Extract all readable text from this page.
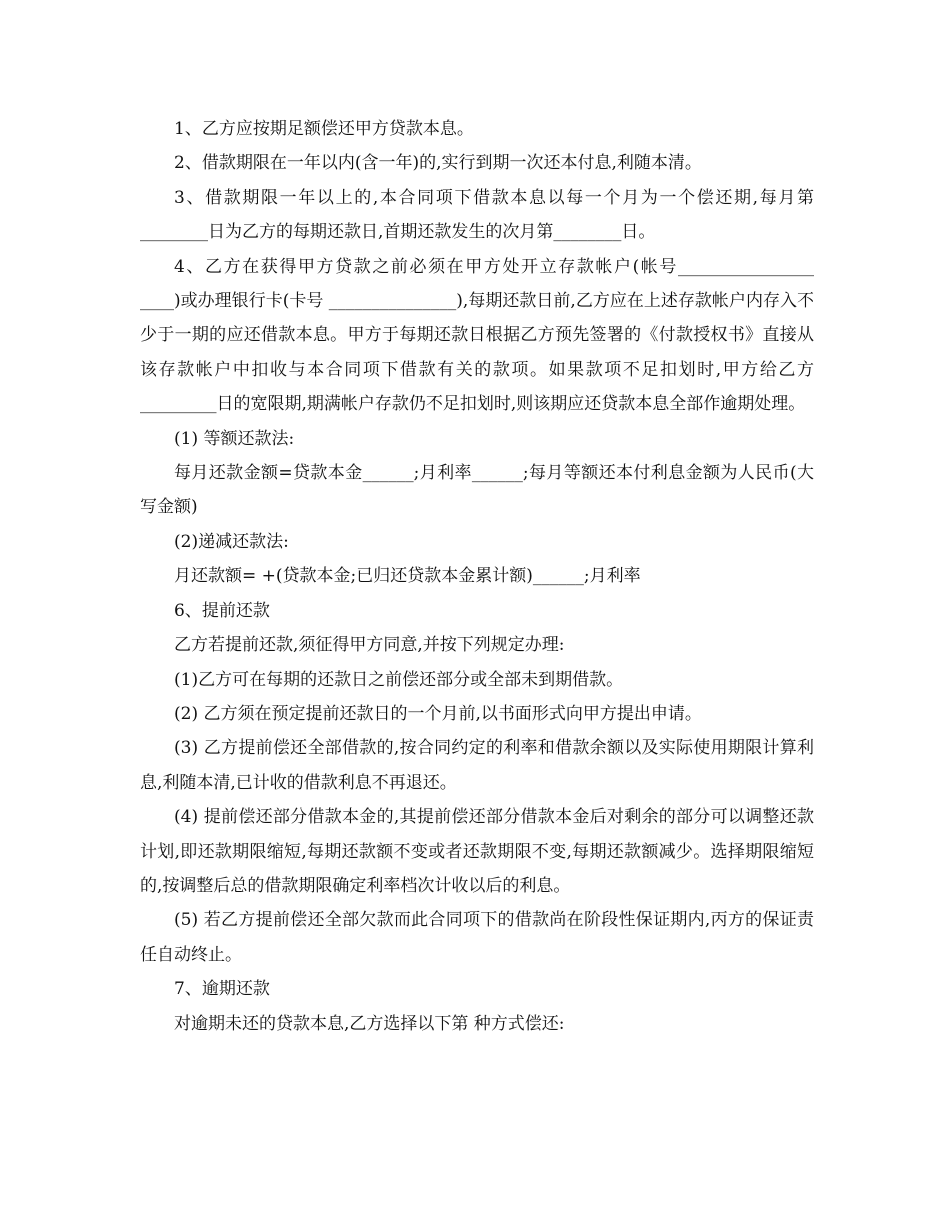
1、乙方应按期足额偿还甲方贷款本息。

2、借款期限在一年以内(含一年)的,实行到期一次还本付息,利随本清。

3、借款期限一年以上的,本合同项下借款本息以每一个月为一个偿还期,每月第________日为乙方的每期还款日,首期还款发生的次月第________日。

4、乙方在获得甲方贷款之前必须在甲方处开立存款帐户(帐号________________ ____)或办理银行卡(卡号 _______________),每期还款日前,乙方应在上述存款帐户内存入不少于一期的应还借款本息。甲方于每期还款日根据乙方预先签署的《付款授权书》直接从该存款帐户中扣收与本合同项下借款有关的款项。如果款项不足扣划时,甲方给乙方_________日的宽限期,期满帐户存款仍不足扣划时,则该期应还贷款本息全部作逾期处理。

(1) 等额还款法:

每月还款金额=贷款本金______;月利率______;每月等额还本付利息金额为人民币(大写金额)

(2)递减还款法:

月还款额= +(贷款本金;已归还贷款本金累计额)______;月利率

6、提前还款

乙方若提前还款,须征得甲方同意,并按下列规定办理:

(1)乙方可在每期的还款日之前偿还部分或全部未到期借款。

(2) 乙方须在预定提前还款日的一个月前,以书面形式向甲方提出申请。

(3) 乙方提前偿还全部借款的,按合同约定的利率和借款余额以及实际使用期限计算利息,利随本清,已计收的借款利息不再退还。

(4) 提前偿还部分借款本金的,其提前偿还部分借款本金后对剩余的部分可以调整还款计划,即还款期限缩短,每期还款额不变或者还款期限不变,每期还款额减少。选择期限缩短的,按调整后总的借款期限确定利率档次计收以后的利息。

(5) 若乙方提前偿还全部欠款而此合同项下的借款尚在阶段性保证期内,丙方的保证责任自动终止。

7、逾期还款

对逾期未还的贷款本息,乙方选择以下第 种方式偿还:
